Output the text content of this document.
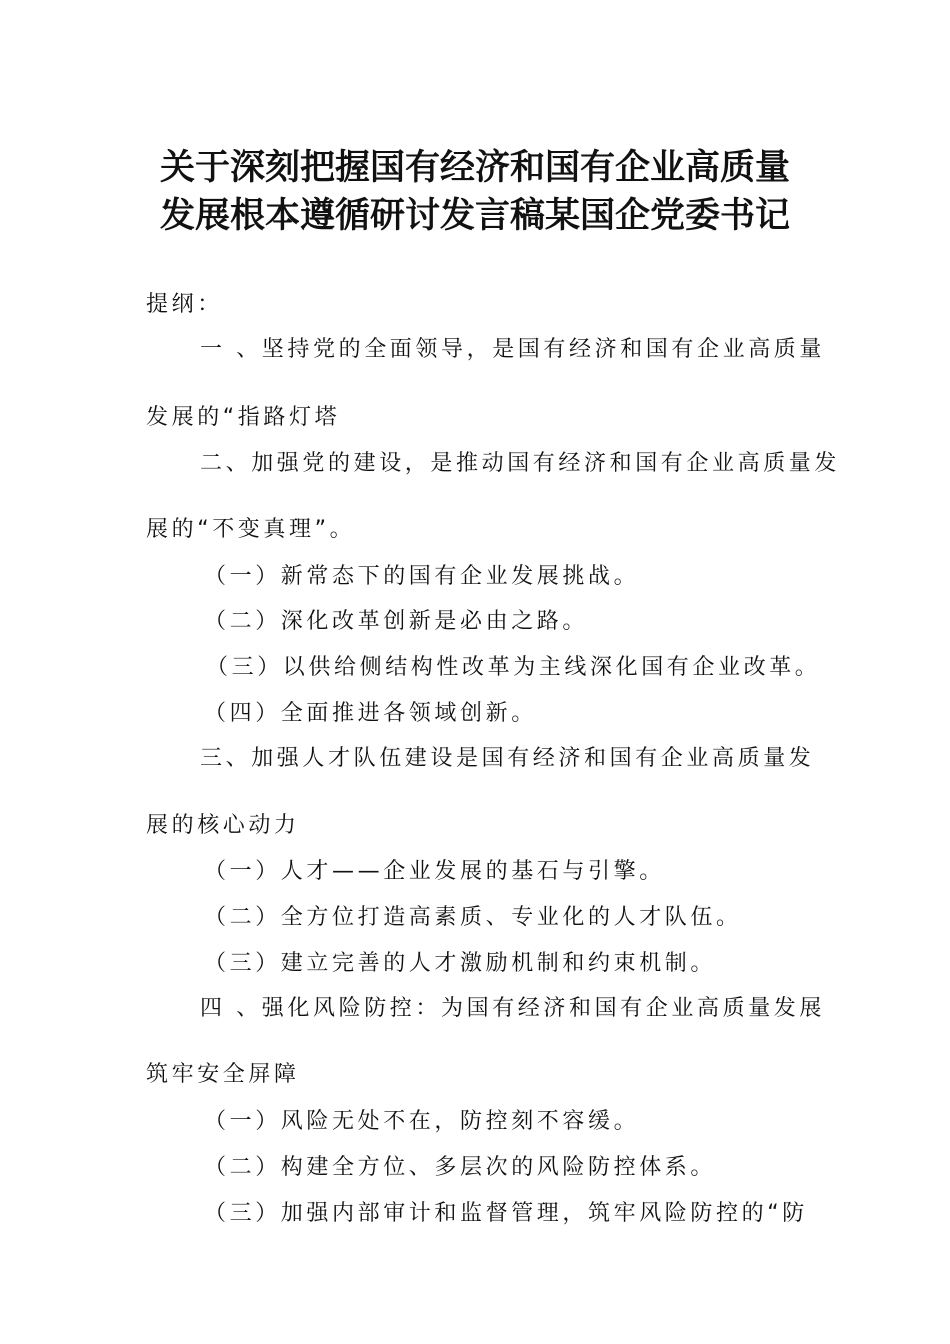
关于深刻把握国有经济和国有企业高质量
发展根本遵循研讨发言稿某国企党委书记
提纲：
一 、坚持党的全面领导，是国有经济和国有企业高质量
发展的“指路灯塔
二、加强党的建设，是推动国有经济和国有企业高质量发
展的“不变真理”。
（一）新常态下的国有企业发展挑战。
（二）深化改革创新是必由之路。
（三）以供给侧结构性改革为主线深化国有企业改革。
（四）全面推进各领域创新。
三、加强人才队伍建设是国有经济和国有企业高质量发
展的核心动力
（一）人才——企业发展的基石与引擎。
（二）全方位打造高素质、专业化的人才队伍。
（三）建立完善的人才激励机制和约束机制。
四 、强化风险防控：为国有经济和国有企业高质量发展
筑牢安全屏障
（一）风险无处不在，防控刻不容缓。
（二）构建全方位、多层次的风险防控体系。
（三）加强内部审计和监督管理，筑牢风险防控的“防
